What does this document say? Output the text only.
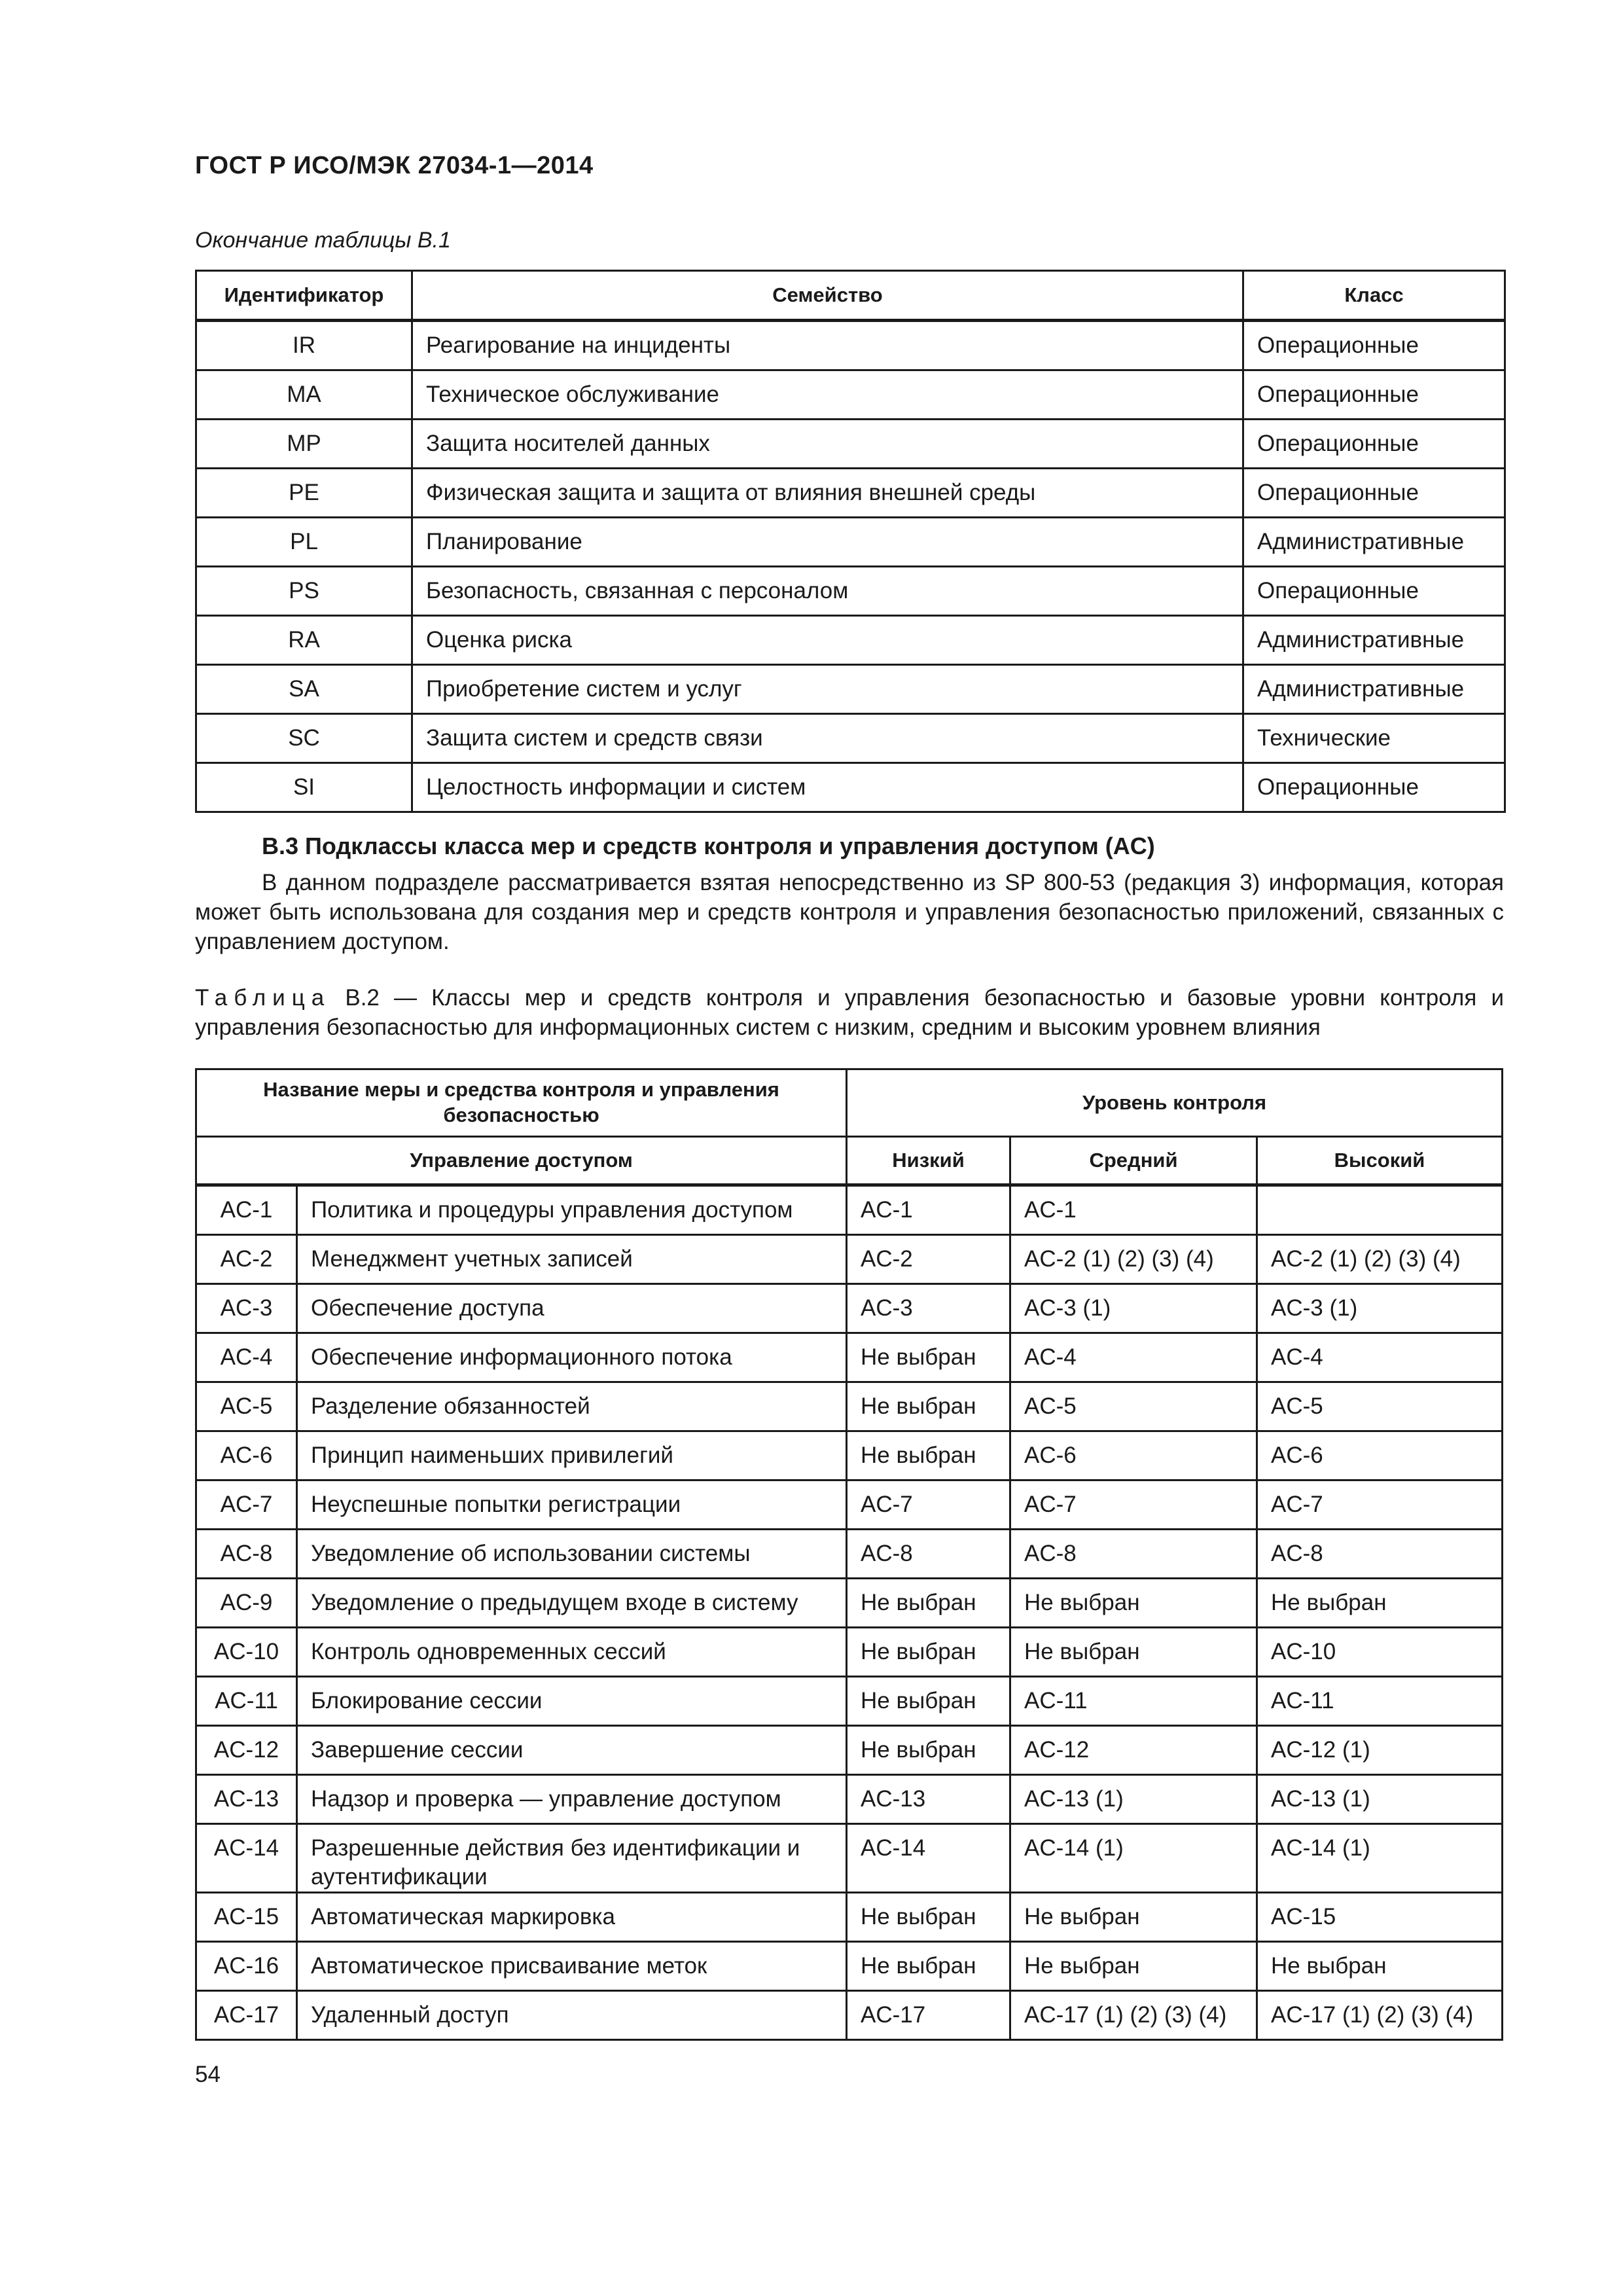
ГОСТ Р ИСО/МЭК 27034-1—2014
Окончание таблицы В.1
Идентификатор	Семейство	Класс
IR	Реагирование на инциденты	Операционные
MA	Техническое обслуживание	Операционные
MP	Защита носителей данных	Операционные
PE	Физическая защита и защита от влияния внешней среды	Операционные
PL	Планирование	Административные
PS	Безопасность, связанная с персоналом	Операционные
RA	Оценка риска	Административные
SA	Приобретение систем и услуг	Административные
SC	Защита систем и средств связи	Технические
SI	Целостность информации и систем	Операционные
В.3 Подклассы класса мер и средств контроля и управления доступом (AC)
В данном подразделе рассматривается взятая непосредственно из SP 800-53 (редакция 3) информация, которая может быть использована для создания мер и средств контроля и управления безопасностью приложений, связанных с управлением доступом.
Таблица В.2 — Классы мер и средств контроля и управления безопасностью и базовые уровни контроля и управления безопасностью для информационных систем с низким, средним и высоким уровнем влияния
Название меры и средства контроля и управления безопасностью		Уровень контроля		
Управление доступом		Низкий	Средний	Высокий
AC-1	Политика и процедуры управления доступом	AC-1	AC-1	
AC-2	Менеджмент учетных записей	AC-2	AC-2 (1) (2) (3) (4)	AC-2 (1) (2) (3) (4)
AC-3	Обеспечение доступа	AC-3	AC-3 (1)	AC-3 (1)
AC-4	Обеспечение информационного потока	Не выбран	AC-4	AC-4
AC-5	Разделение обязанностей	Не выбран	AC-5	AC-5
AC-6	Принцип наименьших привилегий	Не выбран	AC-6	AC-6
AC-7	Неуспешные попытки регистрации	AC-7	AC-7	AC-7
AC-8	Уведомление об использовании системы	AC-8	AC-8	AC-8
AC-9	Уведомление о предыдущем входе в систему	Не выбран	Не выбран	Не выбран
AC-10	Контроль одновременных сессий	Не выбран	Не выбран	AC-10
AC-11	Блокирование сессии	Не выбран	AC-11	AC-11
AC-12	Завершение сессии	Не выбран	AC-12	AC-12 (1)
AC-13	Надзор и проверка — управление доступом	AC-13	AC-13 (1)	AC-13 (1)
AC-14	Разрешенные действия без идентификации и аутентификации	AC-14	AC-14 (1)	AC-14 (1)
AC-15	Автоматическая маркировка	Не выбран	Не выбран	AC-15
AC-16	Автоматическое присваивание меток	Не выбран	Не выбран	Не выбран
AC-17	Удаленный доступ	AC-17	AC-17 (1) (2) (3) (4)	AC-17 (1) (2) (3) (4)
54
